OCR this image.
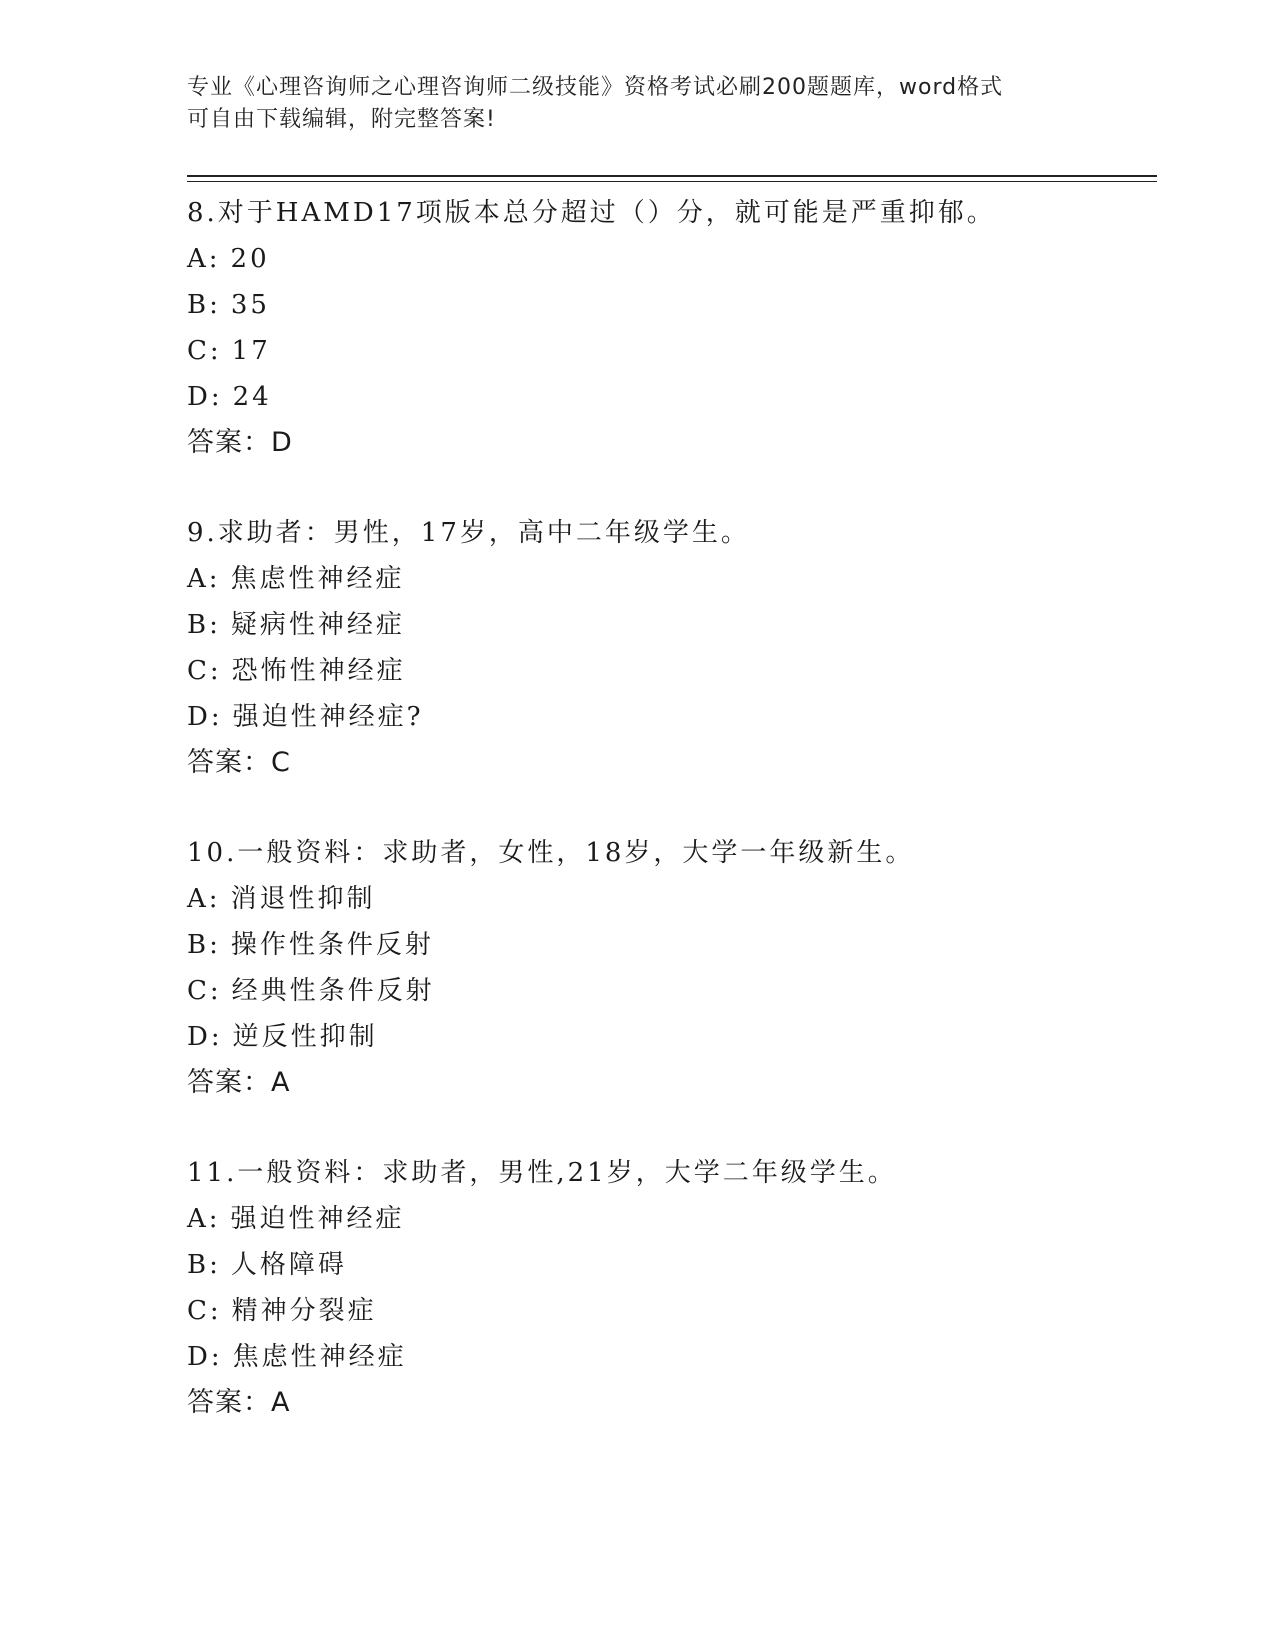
专业《心理咨询师之心理咨询师二级技能》资格考试必刷200题题库，word格式
可自由下载编辑，附完整答案!
8.对于HAMD17项版本总分超过（）分，就可能是严重抑郁。
A: 20
B: 35
C: 17
D: 24
答案：D
9.求助者：男性，17岁，高中二年级学生。
A: 焦虑性神经症
B: 疑病性神经症
C: 恐怖性神经症
D: 强迫性神经症?
答案：C
10.一般资料：求助者，女性，18岁，大学一年级新生。
A: 消退性抑制
B: 操作性条件反射
C: 经典性条件反射
D: 逆反性抑制
答案：A
11.一般资料：求助者，男性,21岁，大学二年级学生。
A: 强迫性神经症
B: 人格障碍
C: 精神分裂症
D: 焦虑性神经症
答案：A
